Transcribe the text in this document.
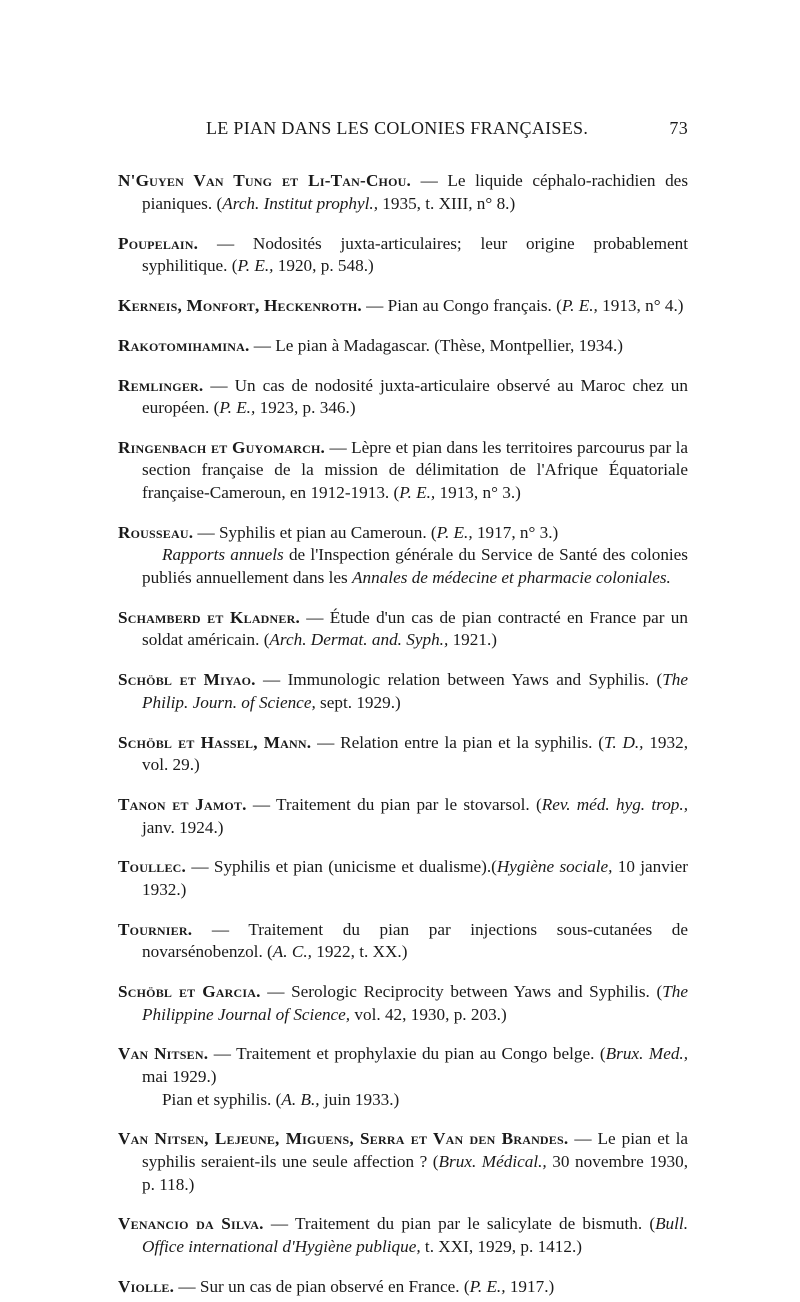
LE PIAN DANS LES COLONIES FRANÇAISES.	73

N'Guyen Van Tung et Li-Tan-Chou. — Le liquide céphalo-rachidien des pianiques. (Arch. Institut prophyl., 1935, t. XIII, n° 8.)

Poupelain. — Nodosités juxta-articulaires; leur origine probablement syphilitique. (P. E., 1920, p. 548.)

Kerneis, Monfort, Heckenroth. — Pian au Congo français. (P. E., 1913, n° 4.)

Rakotomihamina. — Le pian à Madagascar. (Thèse, Montpellier, 1934.)

Remlinger. — Un cas de nodosité juxta-articulaire observé au Maroc chez un européen. (P. E., 1923, p. 346.)

Ringenbach et Guyomarch. — Lèpre et pian dans les territoires parcourus par la section française de la mission de délimitation de l'Afrique Équatoriale française-Cameroun, en 1912-1913. (P. E., 1913, n° 3.)

Rousseau. — Syphilis et pian au Cameroun. (P. E., 1917, n° 3.)

Rapports annuels de l'Inspection générale du Service de Santé des colonies publiés annuellement dans les Annales de médecine et pharmacie coloniales.

Schamberd et Kladner. — Étude d'un cas de pian contracté en France par un soldat américain. (Arch. Dermat. and. Syph., 1921.)

Schöbl et Miyao. — Immunologic relation between Yaws and Syphilis. (The Philip. Journ. of Science, sept. 1929.)

Schöbl et Hassel, Mann. — Relation entre la pian et la syphilis. (T. D., 1932, vol. 29.)

Tanon et Jamot. — Traitement du pian par le stovarsol. (Rev. méd. hyg. trop., janv. 1924.)

Toullec. — Syphilis et pian (unicisme et dualisme).(Hygiène sociale, 10 janvier 1932.)

Tournier. — Traitement du pian par injections sous-cutanées de novarsénobenzol. (A. C., 1922, t. XX.)

Schöbl et Garcia. — Serologic Reciprocity between Yaws and Syphilis. (The Philippine Journal of Science, vol. 42, 1930, p. 203.)

Van Nitsen. — Traitement et prophylaxie du pian au Congo belge. (Brux. Med., mai 1929.)

Pian et syphilis. (A. B., juin 1933.)

Van Nitsen, Lejeune, Miguens, Serra et Van den Brandes. — Le pian et la syphilis seraient-ils une seule affection ? (Brux. Médical., 30 novembre 1930, p. 118.)

Venancio da Silva. — Traitement du pian par le salicylate de bismuth. (Bull. Office international d'Hygiène publique, t. XXI, 1929, p. 1412.)

Violle. — Sur un cas de pian observé en France. (P. E., 1917.)
